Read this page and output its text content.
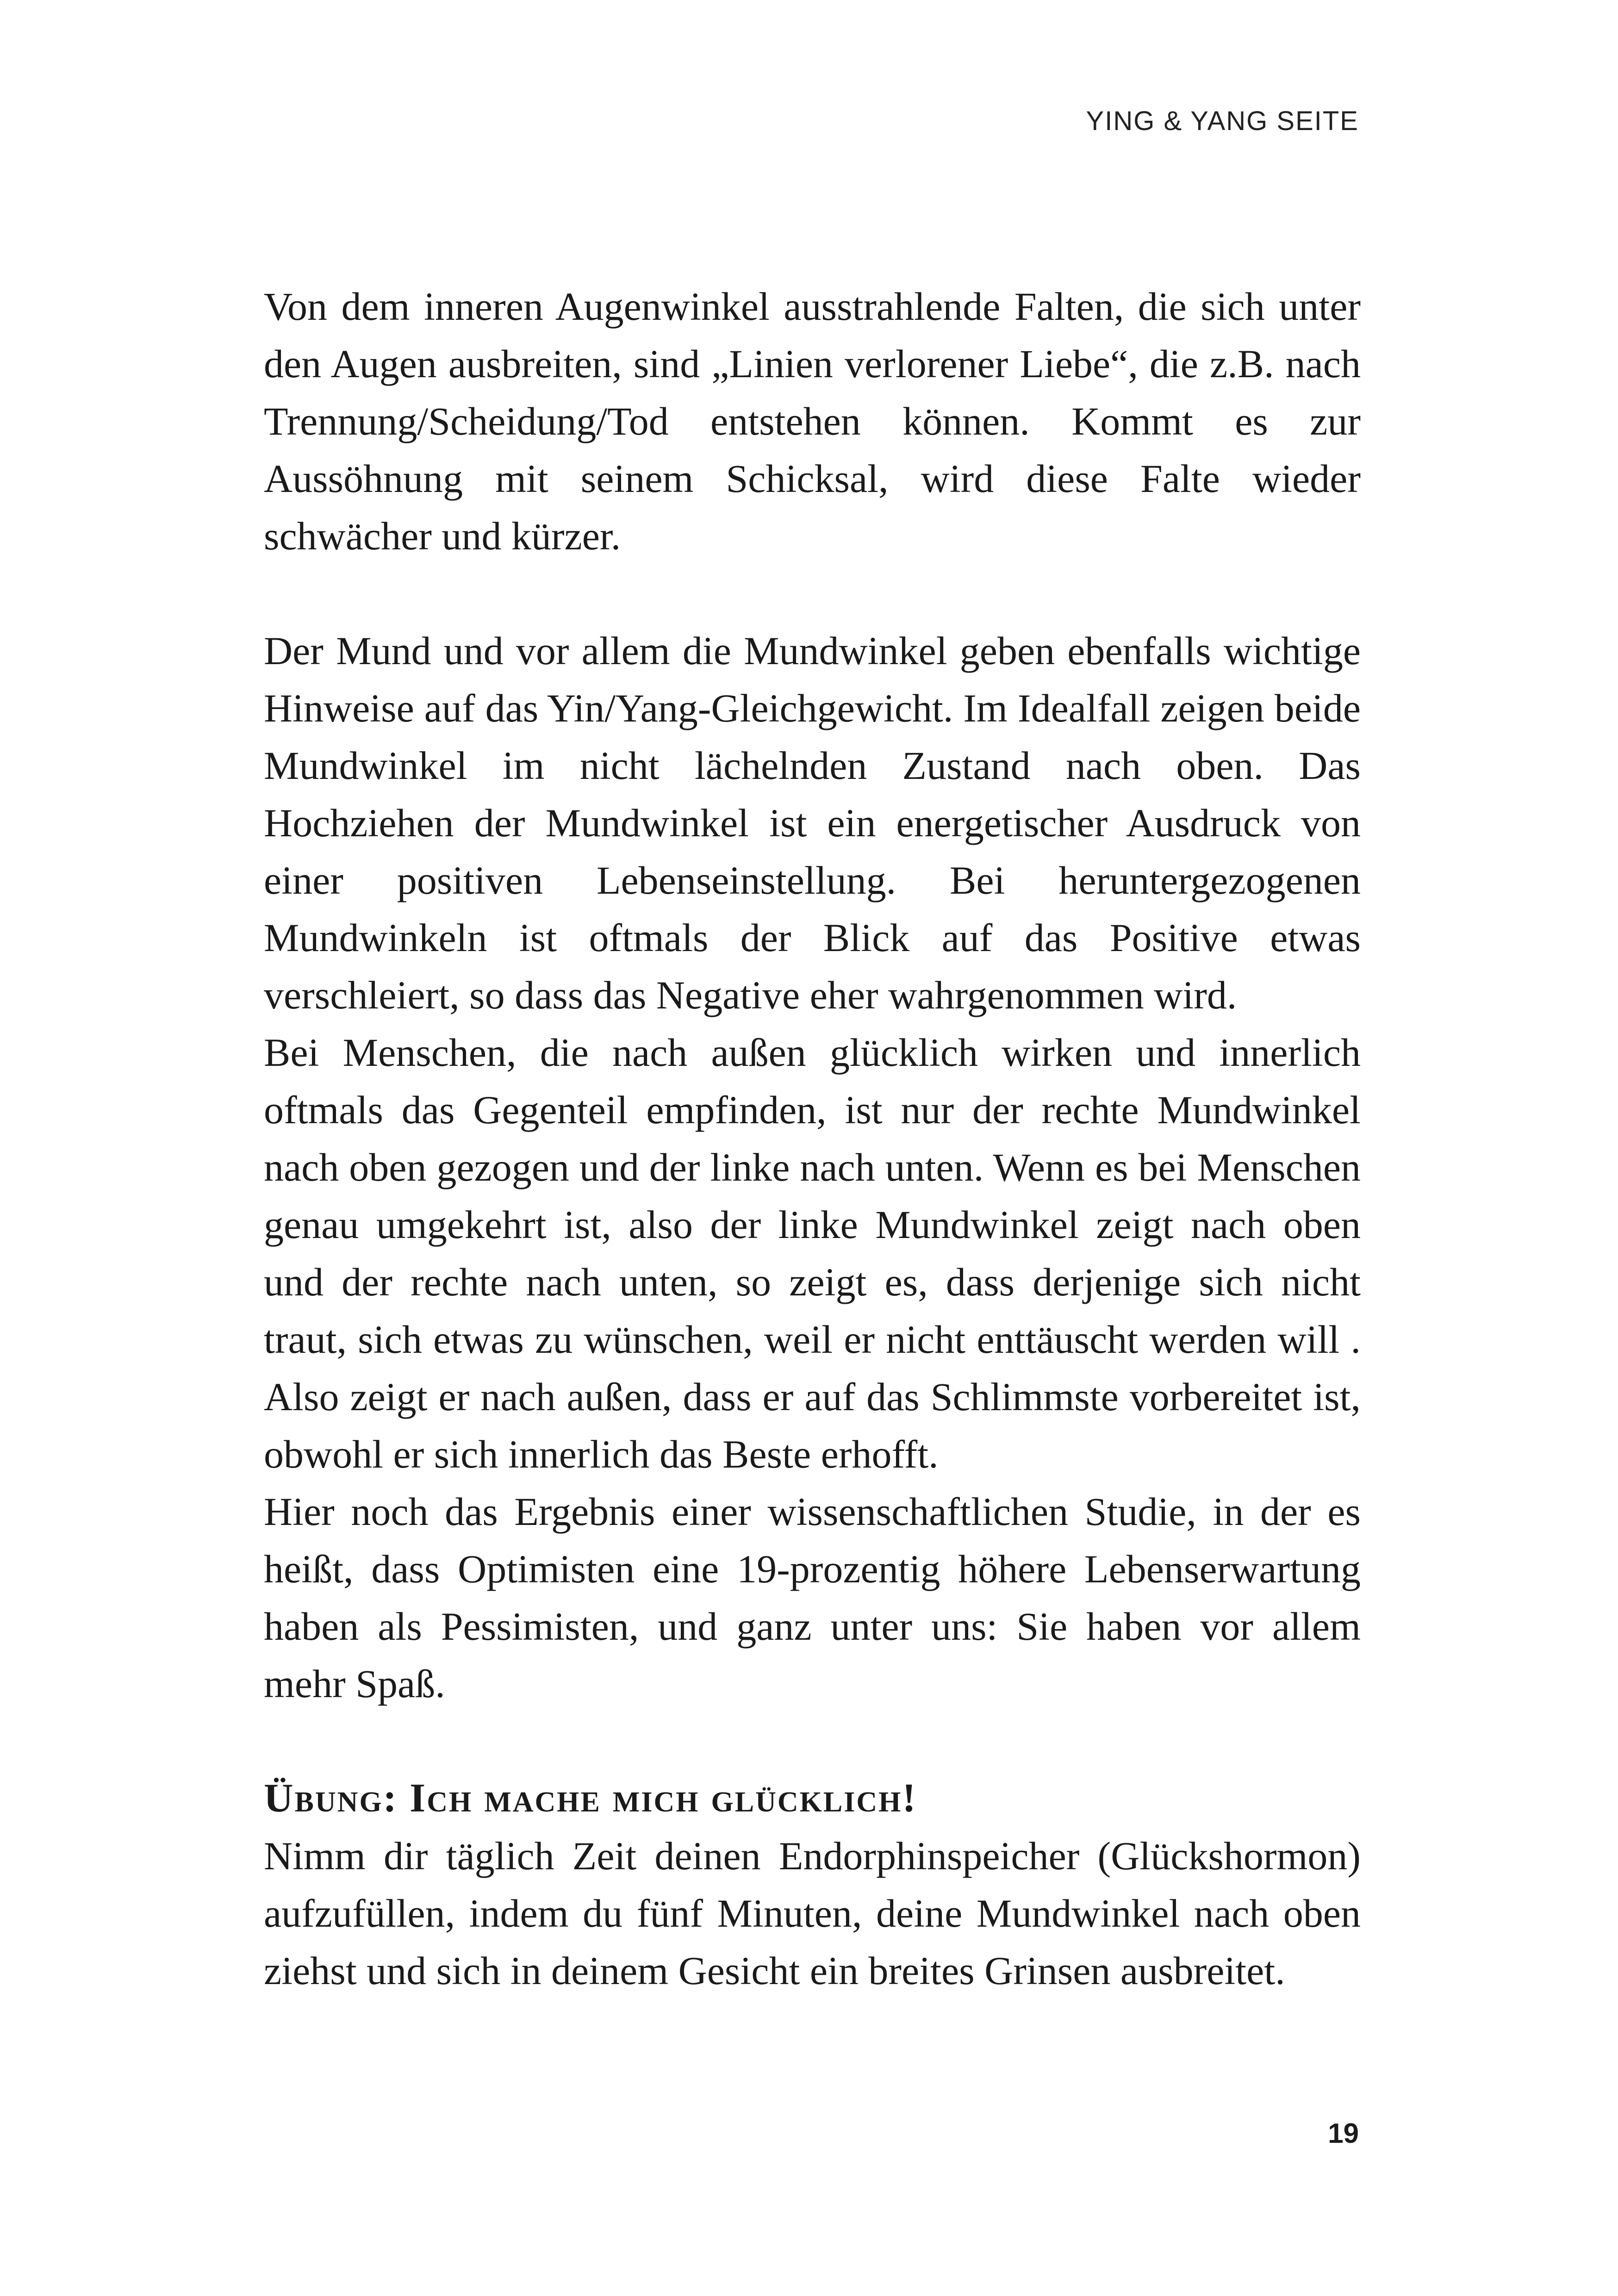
YING & YANG SEITE

Von dem inneren Augenwinkel ausstrahlende Falten, die sich unter den Augen ausbreiten, sind „Linien verlorener Liebe“, die z.B. nach Trennung/Scheidung/Tod entstehen können. Kommt es zur Aussöhnung mit seinem Schicksal, wird diese Falte wieder schwächer und kürzer.

Der Mund und vor allem die Mundwinkel geben ebenfalls wichtige Hinweise auf das Yin/Yang-Gleichgewicht. Im Idealfall zeigen beide Mundwinkel im nicht lächelnden Zustand nach oben. Das Hochziehen der Mundwinkel ist ein energetischer Ausdruck von einer positiven Lebenseinstellung. Bei heruntergezogenen Mundwinkeln ist oftmals der Blick auf das Positive etwas verschleiert, so dass das Negative eher wahrgenommen wird.

Bei Menschen, die nach außen glücklich wirken und innerlich oftmals das Gegenteil empfinden, ist nur der rechte Mundwinkel nach oben gezogen und der linke nach unten. Wenn es bei Menschen genau umgekehrt ist, also der linke Mundwinkel zeigt nach oben und der rechte nach unten, so zeigt es, dass derjenige sich nicht traut, sich etwas zu wünschen, weil er nicht enttäuscht werden will . Also zeigt er nach außen, dass er auf das Schlimmste vorbereitet ist, obwohl er sich innerlich das Beste erhofft.

Hier noch das Ergebnis einer wissenschaftlichen Studie, in der es heißt, dass Optimisten eine 19-prozentig höhere Lebenserwartung haben als Pessimisten, und ganz unter uns: Sie haben vor allem mehr Spaß.

Übung: Ich mache mich glücklich!

Nimm dir täglich Zeit deinen Endorphinspeicher (Glückshormon) aufzufüllen, indem du fünf Minuten, deine Mundwinkel nach oben ziehst und sich in deinem Gesicht ein breites Grinsen ausbreitet.

19
